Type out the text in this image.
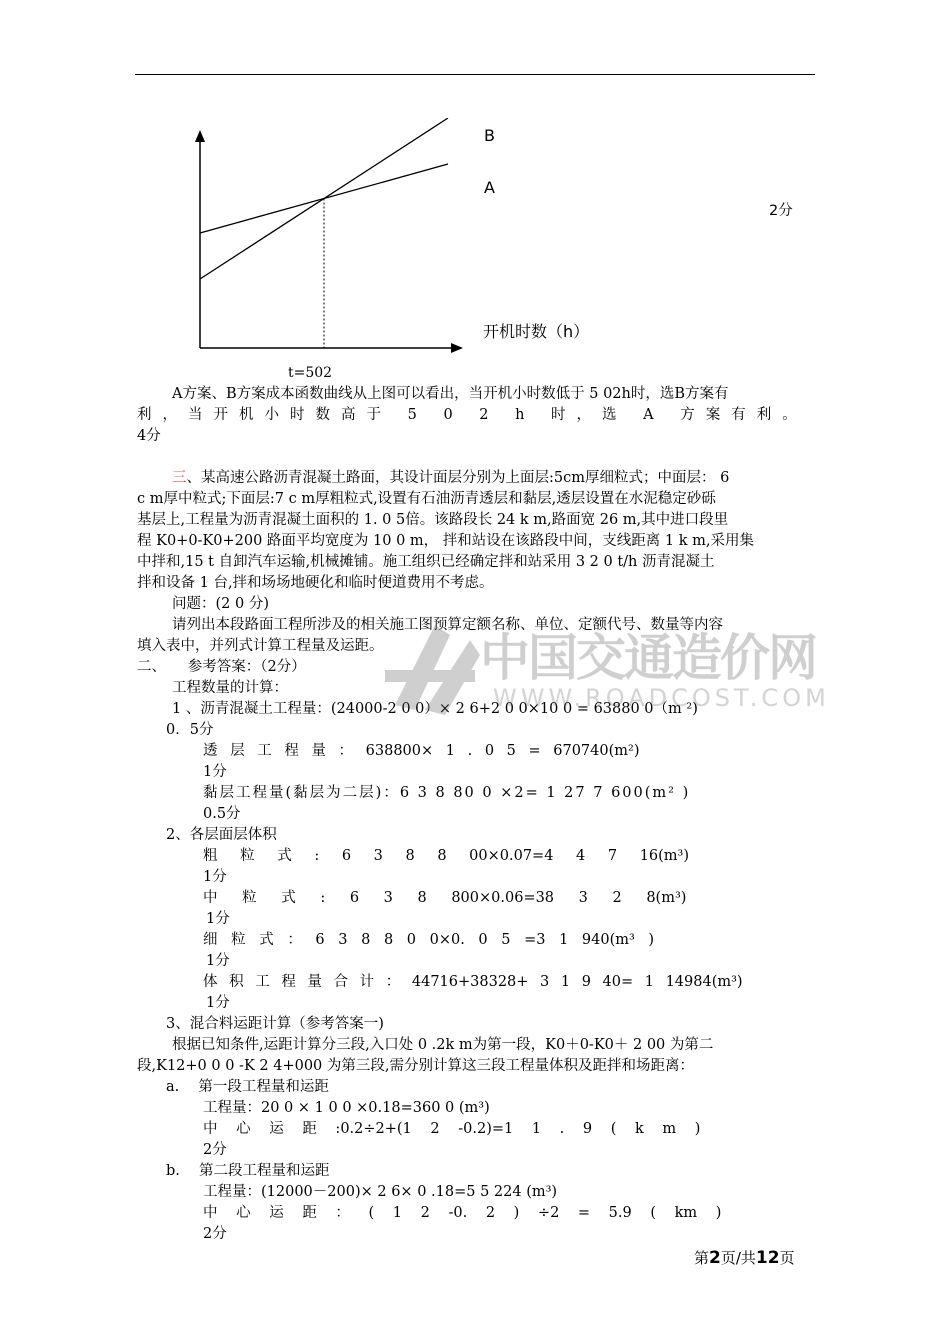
B
A
开机时数（h）
t=502
2分
A方案、B方案成本函数曲线从上图可以看出，当开机小时数低于 5 02h时，选B方案有
利，当开机小时数高于 5 0 2 h 时，选 A 方案有利。
4分
三、某高速公路沥青混凝土路面，其设计面层分别为上面层:5cm厚细粒式；中面层： 6
c m厚中粒式;下面层:7 c m厚粗粒式,设置有石油沥青透层和黏层,透层设置在水泥稳定砂砾
基层上,工程量为沥青混凝土面积的 1. 0 5倍。该路段长 24 k m,路面宽 26 m,其中进口段里
程 K0+0-K0+200 路面平均宽度为 10 0 m， 拌和站设在该路段中间，支线距离 1 k m,采用集
中拌和,15 t 自卸汽车运输,机械摊铺。施工组织已经确定拌和站采用 3 2 0 t/h 沥青混凝土
拌和设备 1 台,拌和场场地硬化和临时便道费用不考虑。
问题：(2 0 分)
请列出本段路面工程所涉及的相关施工图预算定额名称、单位、定额代号、数量等内容
填入表中，并列式计算工程量及运距。
二、　　参考答案：（2分）
工程数量的计算：
1 、沥青混凝土工程量：(24000-2 0 0）× 2 6+2 0 0×10 0 = 63880 0（m ²)
0．5分
透 层 工 程 量 ： 638800× 1 . 0 5 = 670740(m²)
1分
黏层工程量(黏层为二层)：6 3 8 80 0 ×2= 1 27 7 600(m² )
0.5分
2、各层面层体积
粗 粒 式 : 6 3 8 8 00×0.07=4 4 7 16(m³)
1分
中 粒 式 : 6 3 8 800×0.06=38 3 2 8(m³)
1分
细 粒 式 ： 6 3 8 8 0 0×0. 0 5 =3 1 940(m³ )
1分
体 积 工 程 量 合 计 ： 44716+38328+ 3 1 9 40= 1 14984(m³)
1分
3、混合料运距计算（参考答案一)
根据已知条件,运距计算分三段,入口处 0 .2k m为第一段，K0＋0-K0＋ 2 00 为第二
段,K12+0 0 0 -K 2 4+000 为第三段,需分别计算这三段工程量体积及距拌和场距离：
a.　 第一段工程量和运距
工程量：20 0 × 1 0 0 ×0.18=360 0 (m³)
中 心 运 距 :0.2÷2+(1 2 -0.2)=1 1 . 9 ( k m )
2分
b.　 第二段工程量和运距
工程量：(12000－200)× 2 6× 0 .18=5 5 224 (m³)
中 心 运 距 ： ( 1 2 -0. 2 ) ÷2 = 5.9 ( km )
2分
中国交通造价网
WWW.ROADCOST.COM
第2页/共12页
